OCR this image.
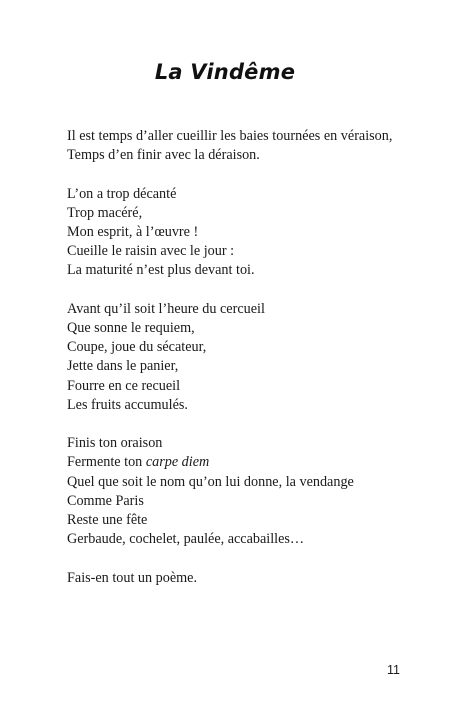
La Vindême
Il est temps d’aller cueillir les baies tournées en véraison,
Temps d’en finir avec la déraison.
L’on a trop décanté
Trop macéré,
Mon esprit, à l’œuvre !
Cueille le raisin avec le jour :
La maturité n’est plus devant toi.
Avant qu’il soit l’heure du cercueil
Que sonne le requiem,
Coupe, joue du sécateur,
Jette dans le panier,
Fourre en ce recueil
Les fruits accumulés.
Finis ton oraison
Fermente ton carpe diem
Quel que soit le nom qu’on lui donne, la vendange
Comme Paris
Reste une fête
Gerbaude, cochelet, paulée, accabailles…
Fais-en tout un poème.
11
